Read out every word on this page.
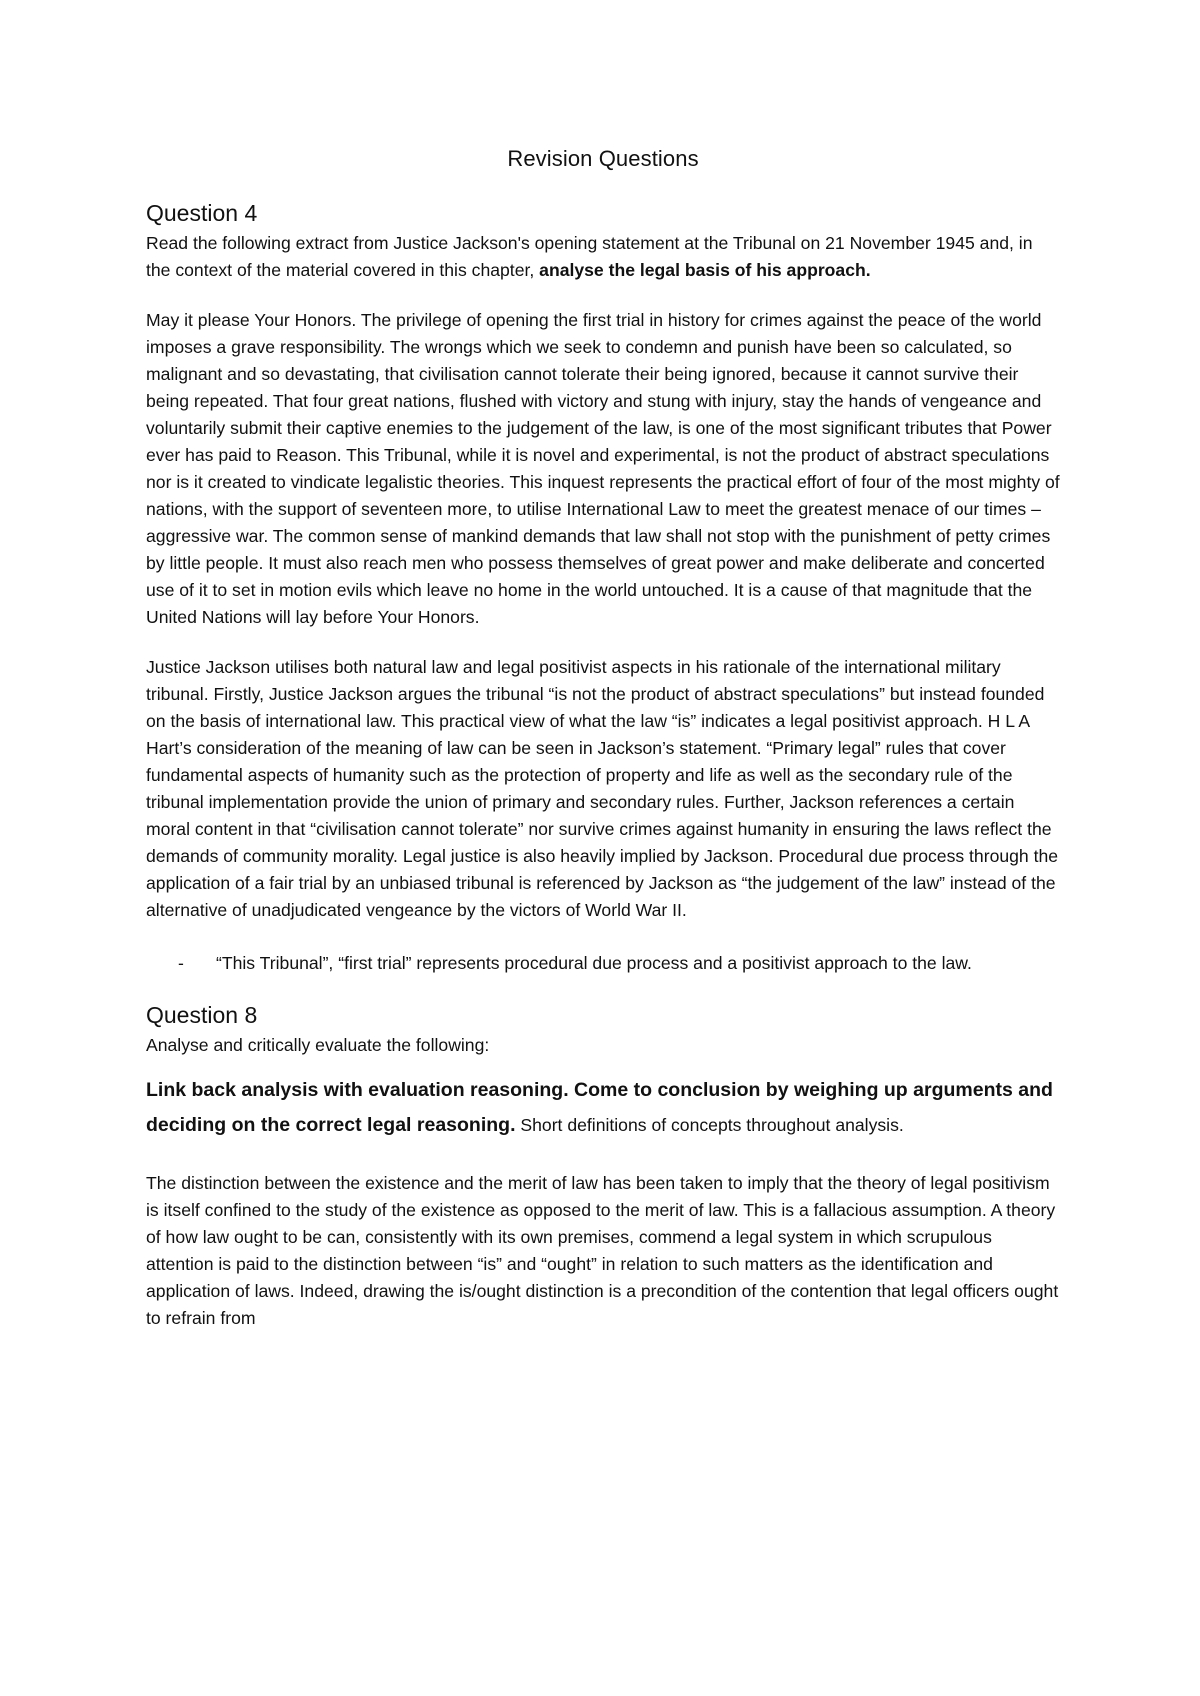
Revision Questions
Question 4

Read the following extract from Justice Jackson's opening statement at the Tribunal on 21 November 1945 and, in the context of the material covered in this chapter, analyse the legal basis of his approach.

May it please Your Honors. The privilege of opening the first trial in history for crimes against the peace of the world imposes a grave responsibility. The wrongs which we seek to condemn and punish have been so calculated, so malignant and so devastating, that civilisation cannot tolerate their being ignored, because it cannot survive their being repeated. That four great nations, flushed with victory and stung with injury, stay the hands of vengeance and voluntarily submit their captive enemies to the judgement of the law, is one of the most significant tributes that Power ever has paid to Reason. This Tribunal, while it is novel and experimental, is not the product of abstract speculations nor is it created to vindicate legalistic theories. This inquest represents the practical effort of four of the most mighty of nations, with the support of seventeen more, to utilise International Law to meet the greatest menace of our times – aggressive war. The common sense of mankind demands that law shall not stop with the punishment of petty crimes by little people. It must also reach men who possess themselves of great power and make deliberate and concerted use of it to set in motion evils which leave no home in the world untouched. It is a cause of that magnitude that the United Nations will lay before Your Honors.

Justice Jackson utilises both natural law and legal positivist aspects in his rationale of the international military tribunal. Firstly, Justice Jackson argues the tribunal “is not the product of abstract speculations” but instead founded on the basis of international law. This practical view of what the law “is” indicates a legal positivist approach. H L A Hart’s consideration of the meaning of law can be seen in Jackson’s statement. “Primary legal” rules that cover fundamental aspects of humanity such as the protection of property and life as well as the secondary rule of the tribunal implementation provide the union of primary and secondary rules. Further, Jackson references a certain moral content in that “civilisation cannot tolerate” nor survive crimes against humanity in ensuring the laws reflect the demands of community morality. Legal justice is also heavily implied by Jackson. Procedural due process through the application of a fair trial by an unbiased tribunal is referenced by Jackson as “the judgement of the law” instead of the alternative of unadjudicated vengeance by the victors of World War II.

-	“This Tribunal”, “first trial” represents procedural due process and a positivist approach to the law.
Question 8

Analyse and critically evaluate the following:

Link back analysis with evaluation reasoning. Come to conclusion by weighing up arguments and deciding on the correct legal reasoning. Short definitions of concepts throughout analysis.

The distinction between the existence and the merit of law has been taken to imply that the theory of legal positivism is itself confined to the study of the existence as opposed to the merit of law. This is a fallacious assumption. A theory of how law ought to be can, consistently with its own premises, commend a legal system in which scrupulous attention is paid to the distinction between “is” and “ought” in relation to such matters as the identification and application of laws. Indeed, drawing the is/ought distinction is a precondition of the contention that legal officers ought to refrain from
